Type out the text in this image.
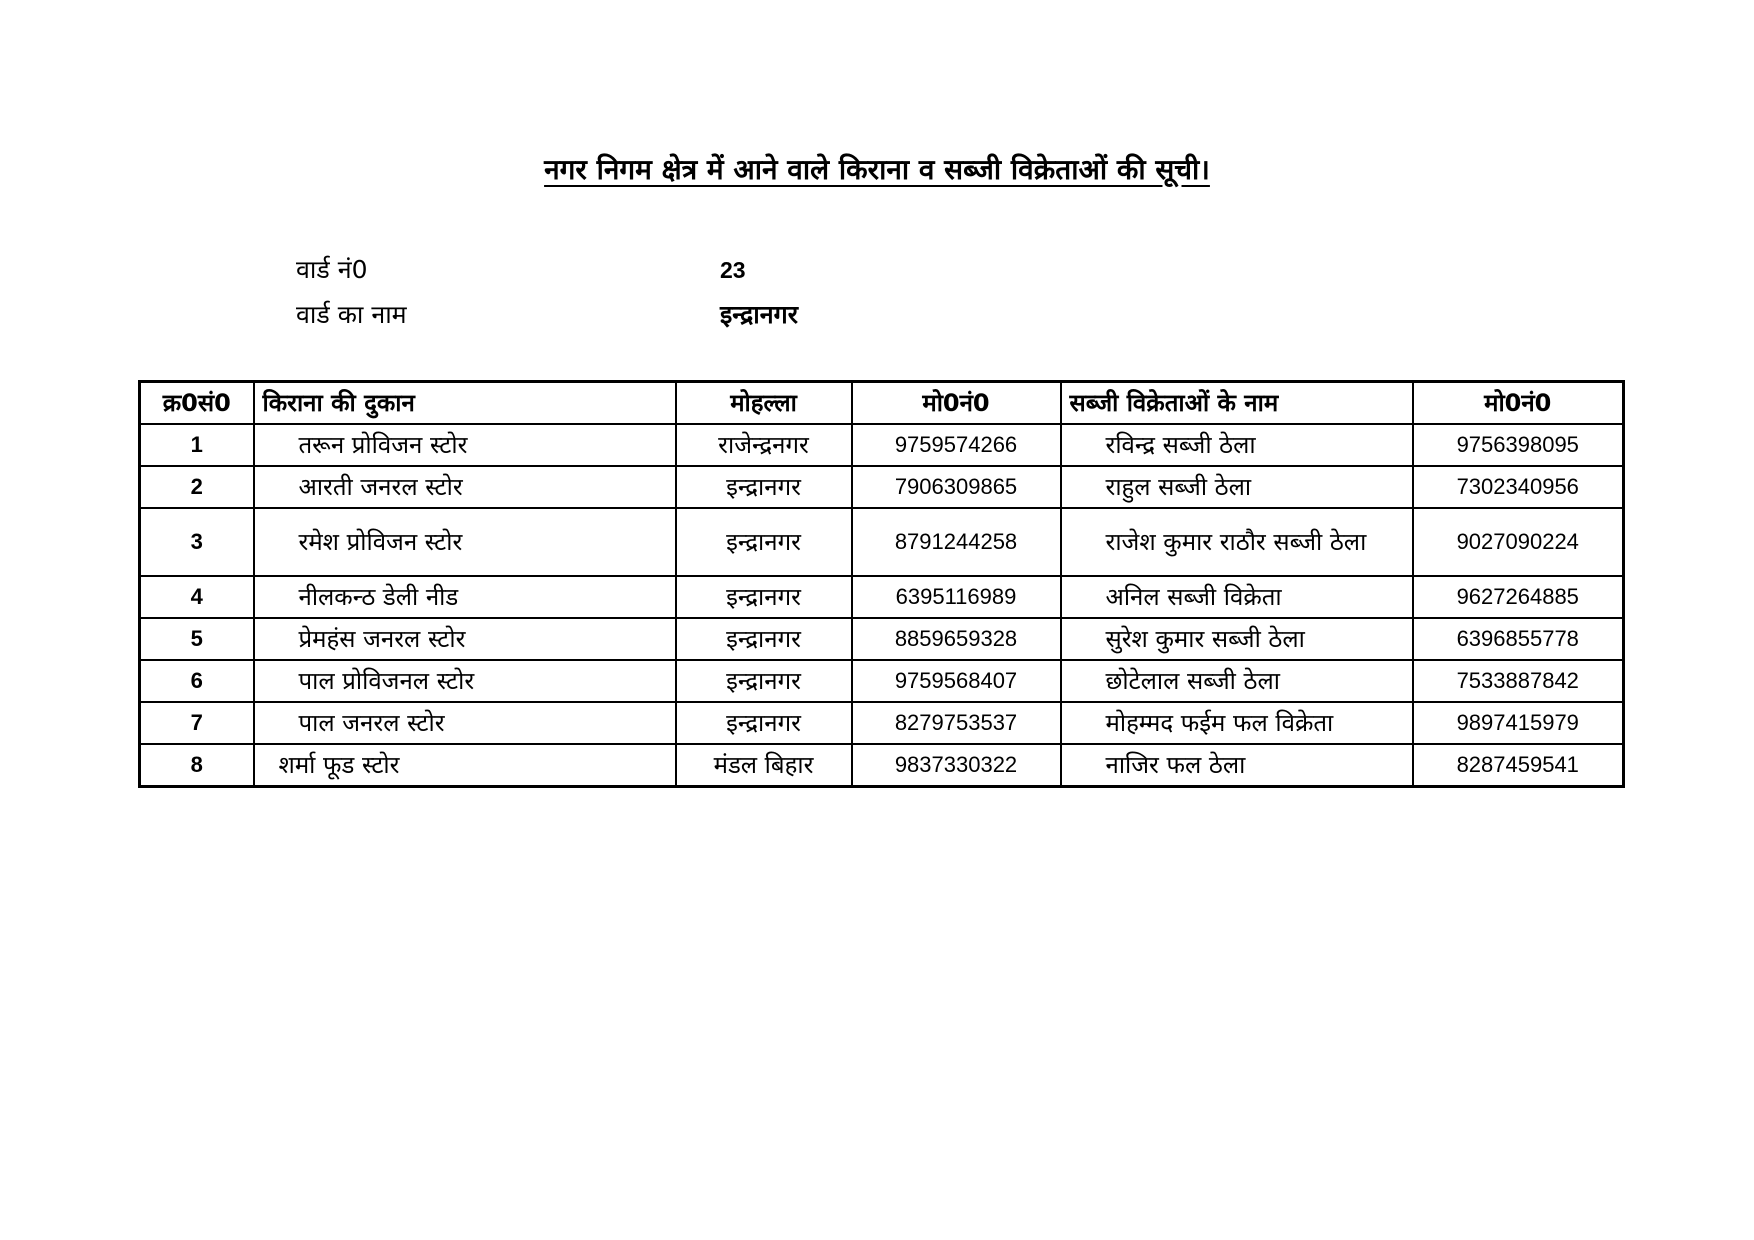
नगर निगम क्षेत्र में आने वाले किराना व सब्जी विक्रेताओं की सूची।
वार्ड नं0	23
वार्ड का नाम	इन्द्रानगर
क्र0सं0	किराना की दुकान	मोहल्ला	मो0नं0	सब्जी विक्रेताओं के नाम	मो0नं0
1	तरून प्रोविजन स्टोर	राजेन्द्रनगर	9759574266	रविन्द्र सब्जी ठेला	9756398095
2	आरती जनरल स्टोर	इन्द्रानगर	7906309865	राहुल सब्जी ठेला	7302340956
3	रमेश प्रोविजन स्टोर	इन्द्रानगर	8791244258	राजेश कुमार राठौर सब्जी ठेला	9027090224
4	नीलकन्ठ डेली नीड	इन्द्रानगर	6395116989	अनिल सब्जी विक्रेता	9627264885
5	प्रेमहंस जनरल स्टोर	इन्द्रानगर	8859659328	सुरेश कुमार सब्जी ठेला	6396855778
6	पाल प्रोविजनल स्टोर	इन्द्रानगर	9759568407	छोटेलाल सब्जी ठेला	7533887842
7	पाल जनरल स्टोर	इन्द्रानगर	8279753537	मोहम्मद फईम फल विक्रेता	9897415979
8	शर्मा फूड स्टोर	मंडल बिहार	9837330322	नाजिर फल ठेला	8287459541
